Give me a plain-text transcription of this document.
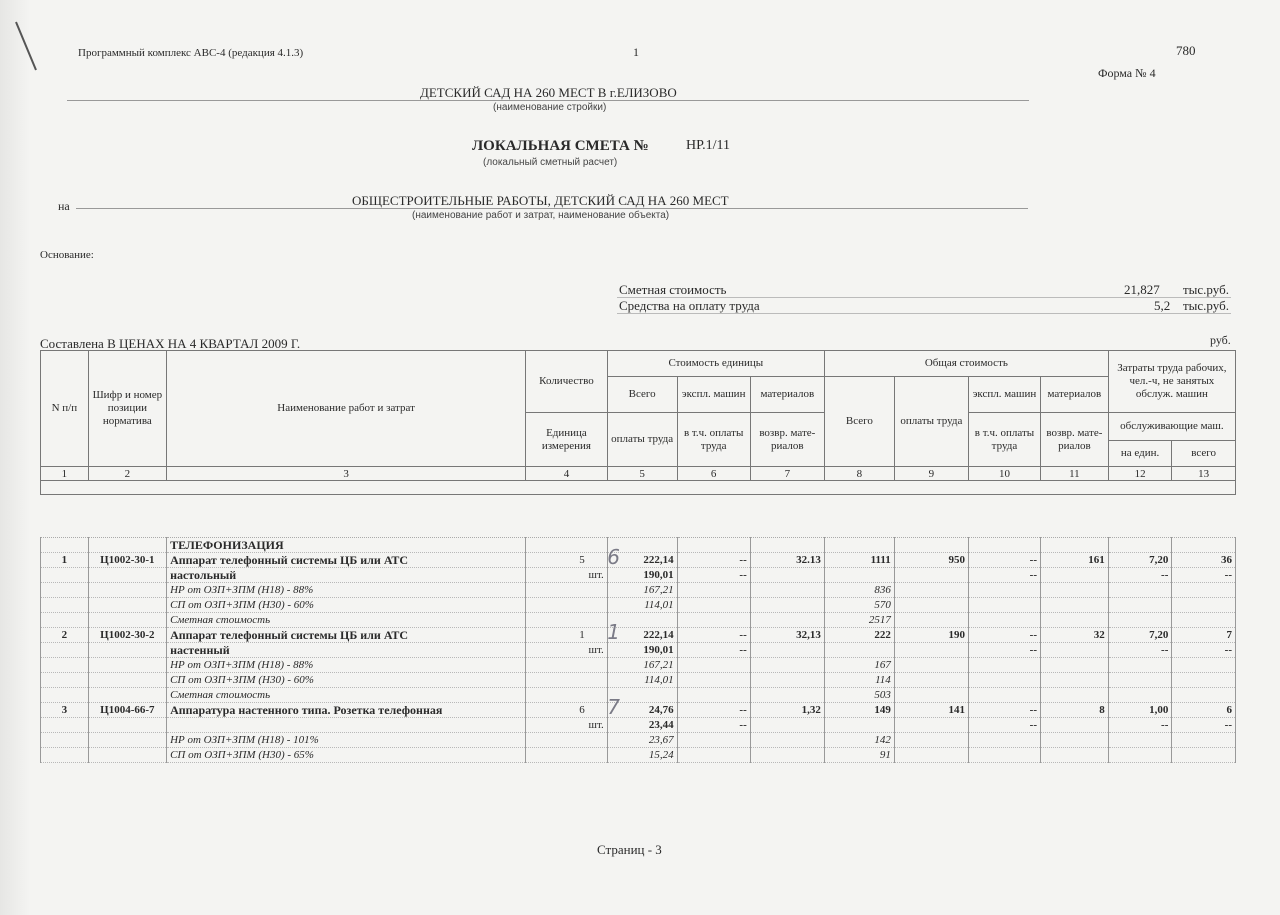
Программный комплекс АВС-4 (редакция 4.1.3)	1	780
Форма № 4
ДЕТСКИЙ САД НА 260 МЕСТ В г.ЕЛИЗОВО
(наименование стройки)
ЛОКАЛЬНАЯ СМЕТА №	НР.1/11
(локальный сметный расчет)
на	ОБЩЕСТРОИТЕЛЬНЫЕ РАБОТЫ, ДЕТСКИЙ САД НА 260 МЕСТ
(наименование работ и затрат, наименование объекта)
Основание:
Сметная стоимость	21,827 тыс.руб.
Средства на оплату труда	5,2 тыс.руб.
Составлена В ЦЕНАХ НА 4 КВАРТАЛ 2009 Г.	руб.
N п/п	Шифр и номер позиции норматива	Наименование работ и затрат	Количество	Стоимость единицы			Общая стоимость				Затраты труда рабочих, чел.-ч, не занятых обслуж. машин	
				Всего	экспл. машин	материалов	Всего	оплаты труда	экспл. машин	материалов		
			Единица измерения	оплаты труда	в т.ч. оплаты труда	возвр. мате-риалов			в т.ч. оплаты труда	возвр. мате-риалов	обслуживающие маш.	
											на един.	всего
1	2	3	4	5	6	7	8	9	10	11	12	13

		ТЕЛЕФОНИЗАЦИЯ										
1	Ц1002-30-1	Аппарат телефонный системы ЦБ или АТС	5	222,14	--	32.13	1111	950	--	161	7,20	36
		настольный	шт.	190,01	--				--		--	--
		НР от ОЗП+ЗПМ (Н18) - 88%		167,21			836					
		СП от ОЗП+ЗПМ (Н30) - 60%		114,01			570					
		Сметная стоимость					2517					
2	Ц1002-30-2	Аппарат телефонный системы ЦБ или АТС	1	222,14	--	32,13	222	190	--	32	7,20	7
		настенный	шт.	190,01	--				--		--	--
		НР от ОЗП+ЗПМ (Н18) - 88%		167,21			167					
		СП от ОЗП+ЗПМ (Н30) - 60%		114,01			114					
		Сметная стоимость					503					
3	Ц1004-66-7	Аппаратура настенного типа. Розетка телефонная	6	24,76	--	1,32	149	141	--	8	1,00	6
			шт.	23,44	--				--		--	--
		НР от ОЗП+ЗПМ (Н18) - 101%		23,67			142					
		СП от ОЗП+ЗПМ (Н30) - 65%		15,24			91					
Страниц - 3
6
1
7
